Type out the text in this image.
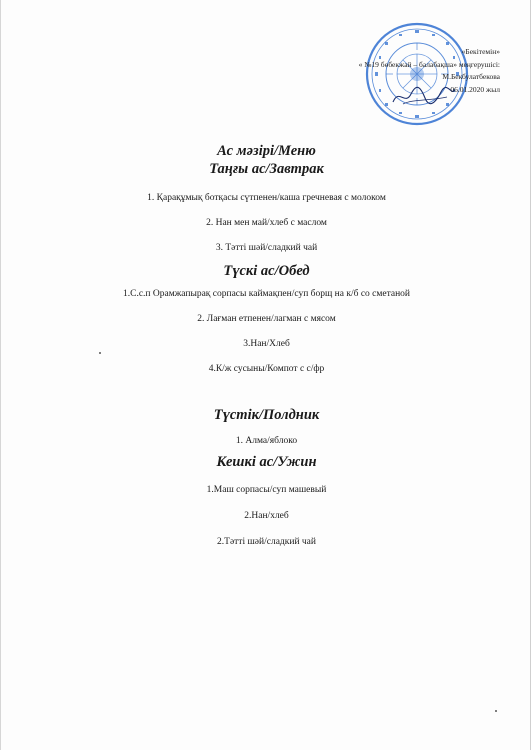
«Бекітемін»
« №19 бөбекжай – балабақша» меңгерушісі:
М.Бекбулатбекова
06.01.2020 жыл
Ас мәзірі/Меню
Таңғы ас/Завтрак
1. Қарақұмық ботқасы сүтпенен/каша гречневая с молоком
2. Нан мен май/хлеб с маслом
3. Тәтті шәй/сладкий чай
Түскі ас/Обед
1.С.с.п Орамжапырақ сорпасы каймақпен/суп борщ на к/б со сметаной
2. Лағман етпенен/лагман с мясом
3.Нан/Хлеб
4.К/ж сусыны/Компот с с/фр
Түстік/Полдник
1. Алма/яблоко
Кешкі ас/Ужин
1.Маш сорпасы/суп машевый
2.Нан/хлеб
2.Тәтті шәй/сладкий чай
